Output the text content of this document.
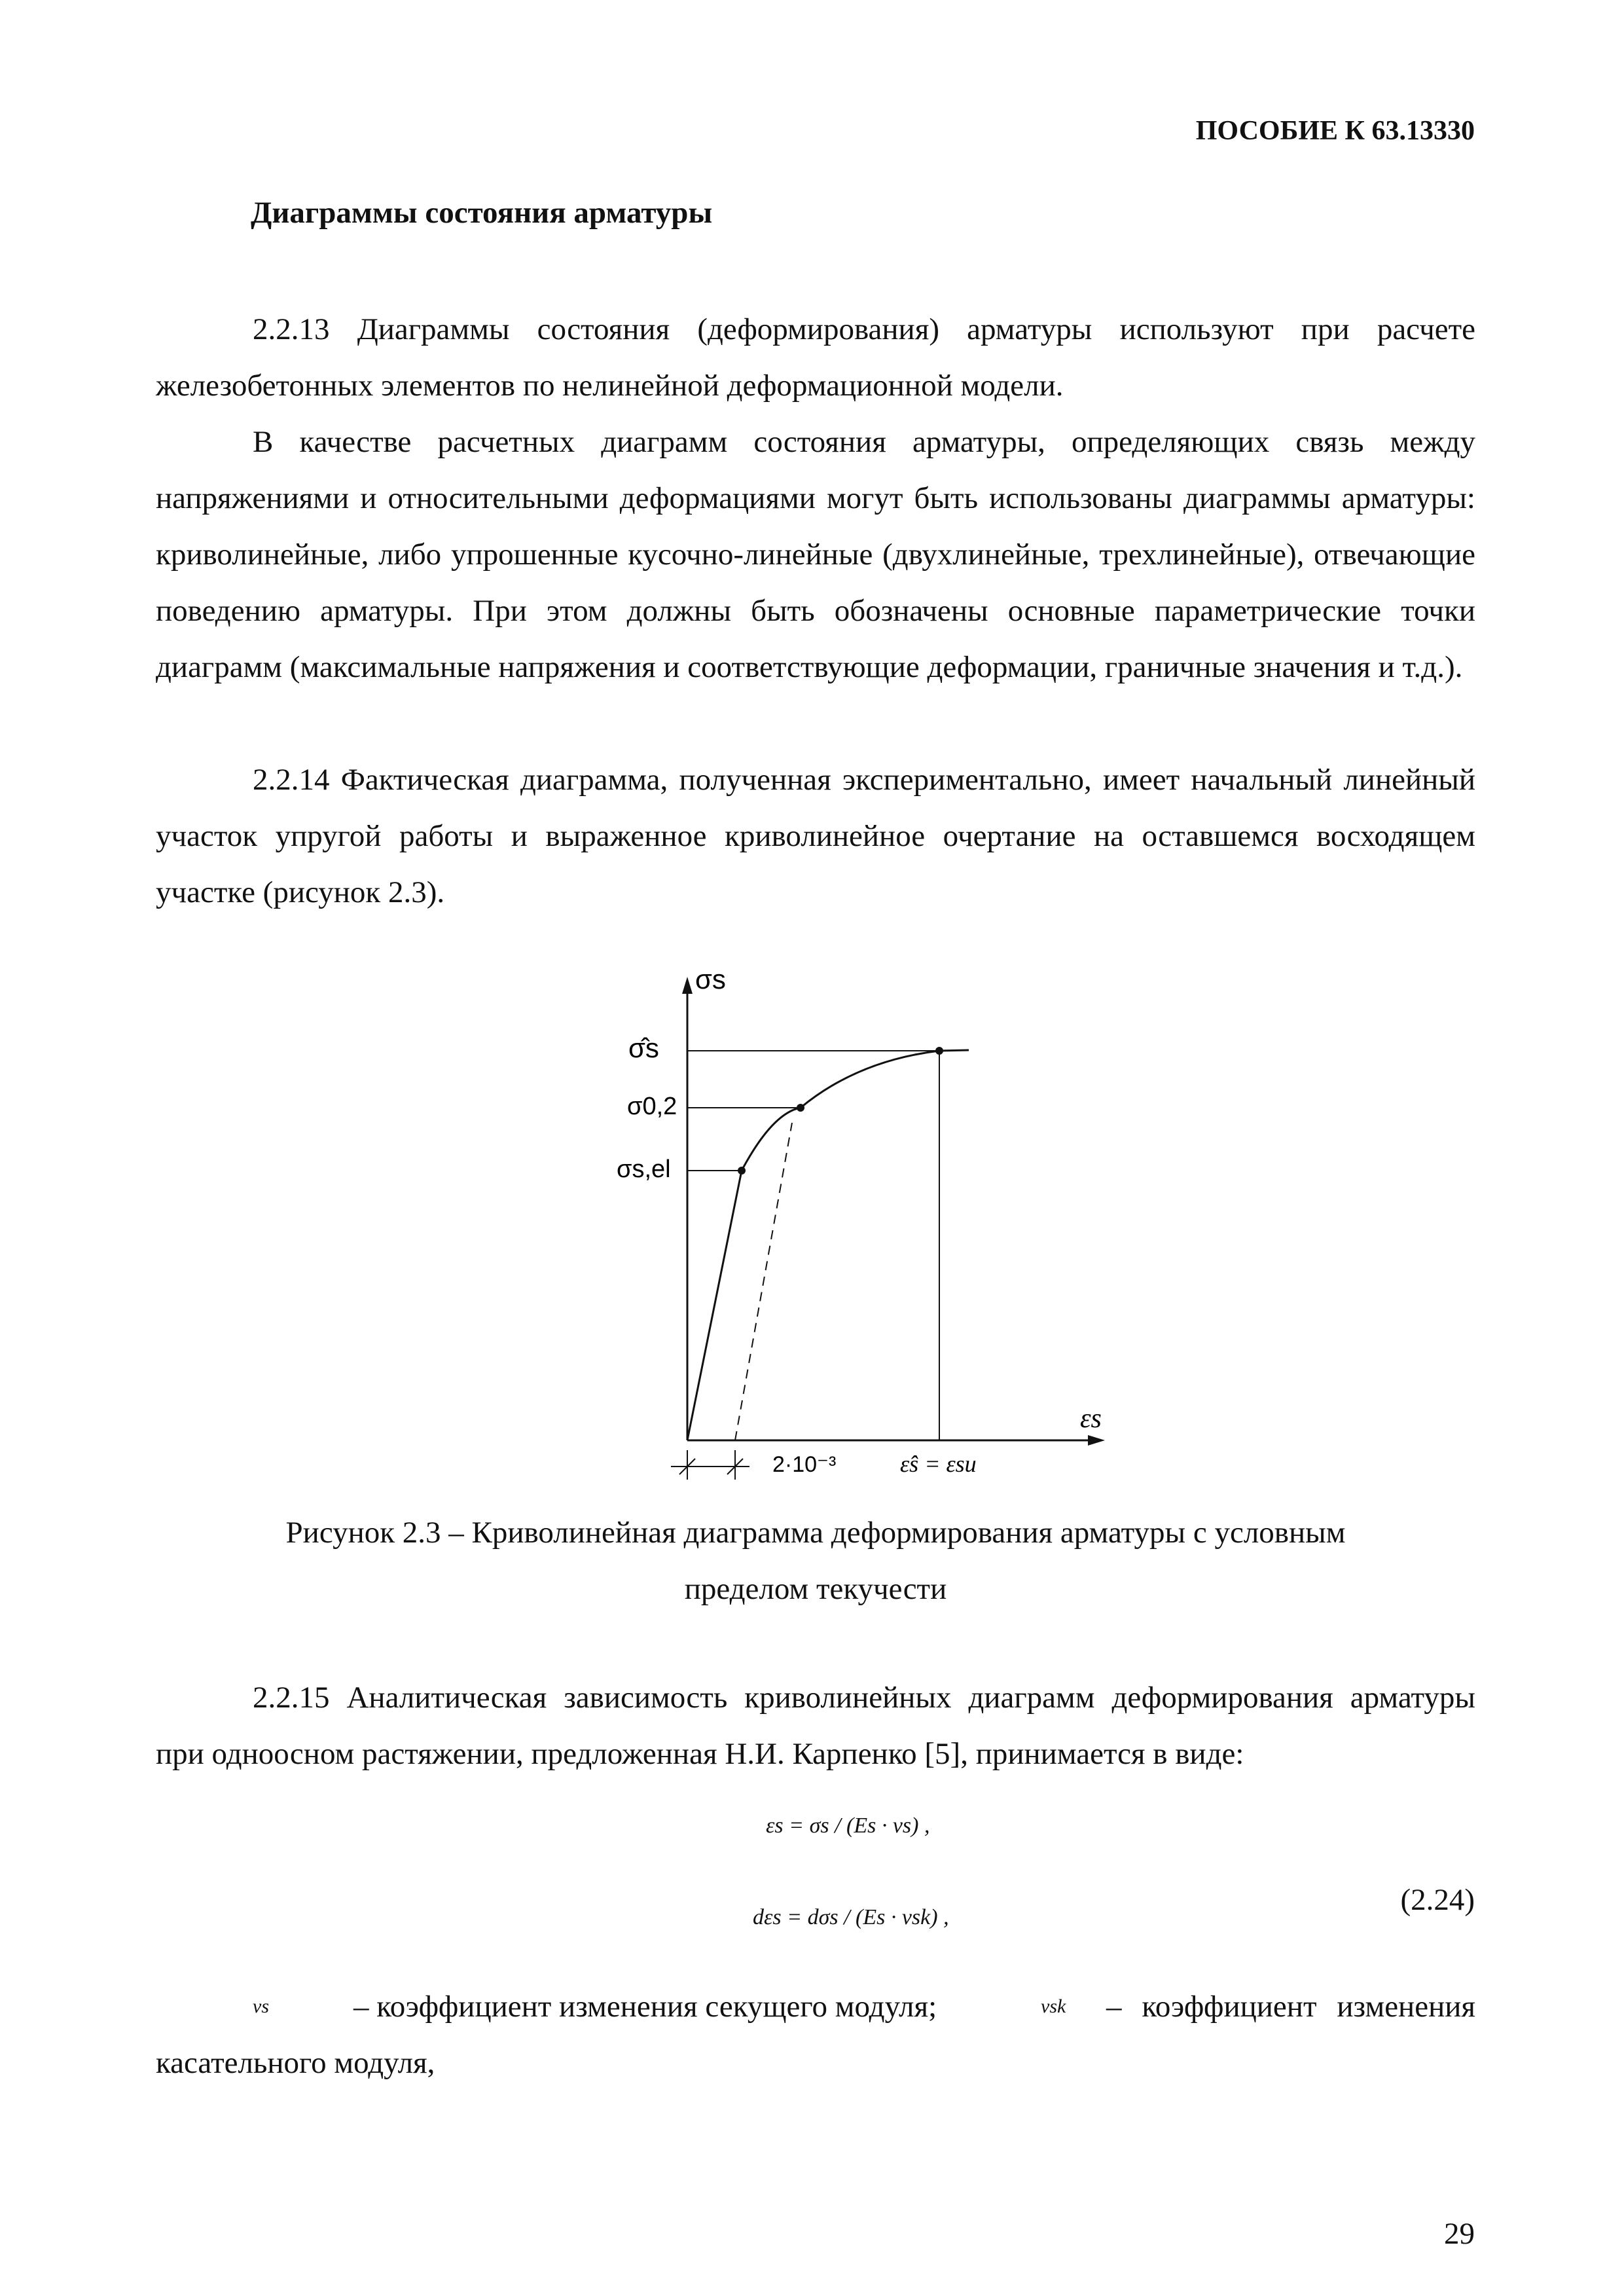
ПОСОБИЕ К 63.13330
Диаграммы состояния арматуры
2.2.13 Диаграммы состояния (деформирования) арматуры используют при расчете железобетонных элементов по нелинейной деформационной модели.
В качестве расчетных диаграмм состояния арматуры, определяющих связь между напряжениями и относительными деформациями могут быть использованы диаграммы арматуры: криволинейные, либо упрошенные кусочно-линейные (двухлинейные, трехлинейные), отвечающие поведению арматуры. При этом должны быть обозначены основные параметрические точки диаграмм (максимальные напряжения и соответствующие деформации, граничные значения и т.д.).
2.2.14 Фактическая диаграмма, полученная экспериментально, имеет начальный линейный участок упругой работы и выраженное криволинейное очертание на оставшемся восходящем участке (рисунок 2.3).
σs
σ̂s
σ0,2
σs,el
εs
2·10⁻³	ε̂s = εsu
Рисунок 2.3 – Криволинейная диаграмма деформирования арматуры с условным
пределом текучести
2.2.15 Аналитическая зависимость криволинейных диаграмм деформирования арматуры при одноосном растяжении, предложенная Н.И. Карпенко [5], принимается в виде:
εs = σs / (Es · νs) ,
dεs = dσs / (Es · νsk) ,
(2.24)
νs	– коэффициент изменения секущего модуля;	νsk – коэффициент изменения
касательного модуля,
29
